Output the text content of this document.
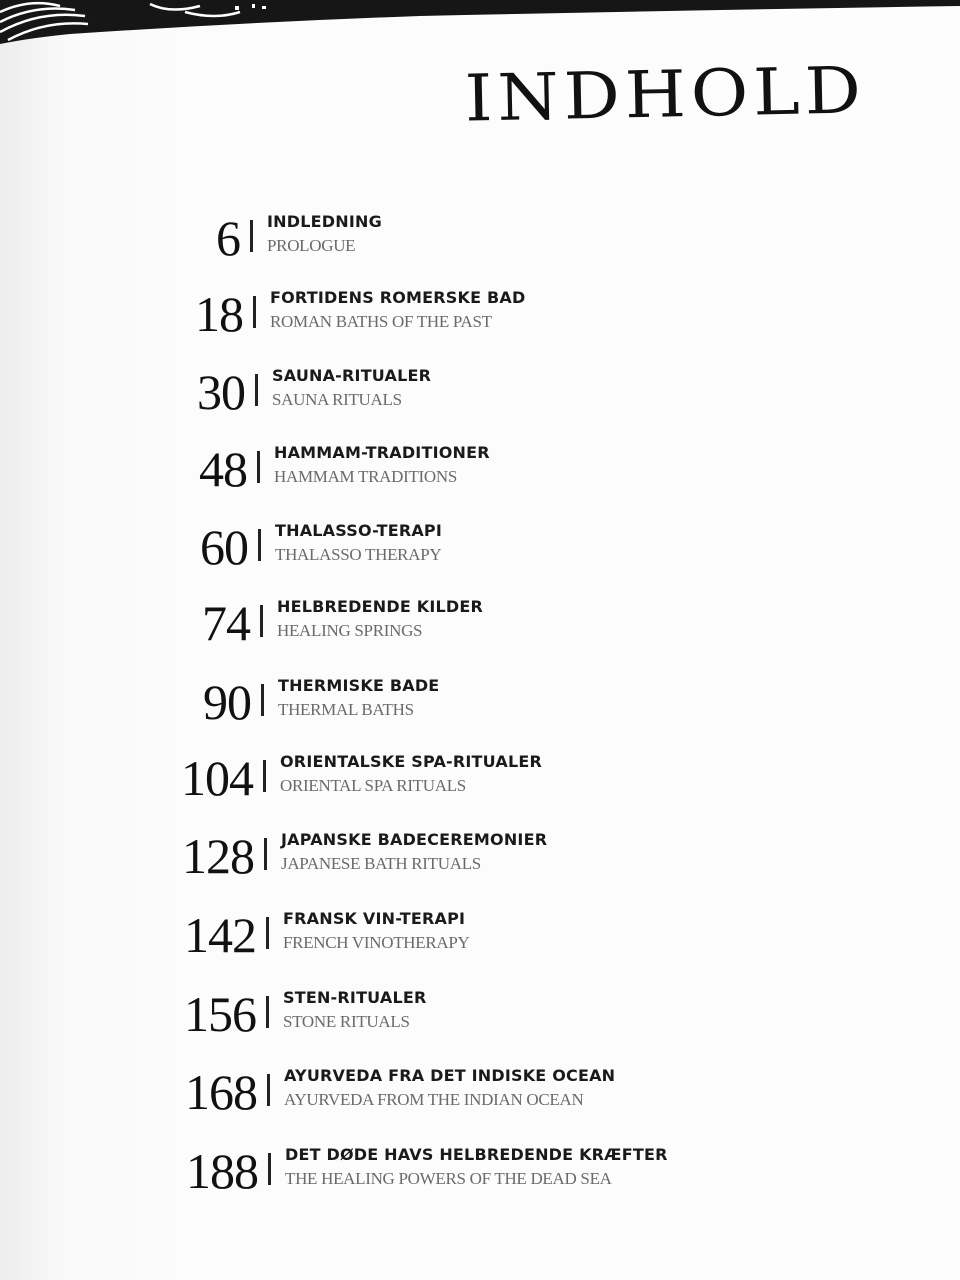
INDHOLD
6 INDLEDNING
PROLOGUE
18 FORTIDENS ROMERSKE BAD
ROMAN BATHS OF THE PAST
30 SAUNA-RITUALER
SAUNA RITUALS
48 HAMMAM-TRADITIONER
HAMMAM TRADITIONS
60 THALASSO-TERAPI
THALASSO THERAPY
74 HELBREDENDE KILDER
HEALING SPRINGS
90 THERMISKE BADE
THERMAL BATHS
104 ORIENTALSKE SPA-RITUALER
ORIENTAL SPA RITUALS
128 JAPANSKE BADECEREMONIER
JAPANESE BATH RITUALS
142 FRANSK VIN-TERAPI
FRENCH VINOTHERAPY
156 STEN-RITUALER
STONE RITUALS
168 AYURVEDA FRA DET INDISKE OCEAN
AYURVEDA FROM THE INDIAN OCEAN
188 DET DØDE HAVS HELBREDENDE KRÆFTER
THE HEALING POWERS OF THE DEAD SEA
